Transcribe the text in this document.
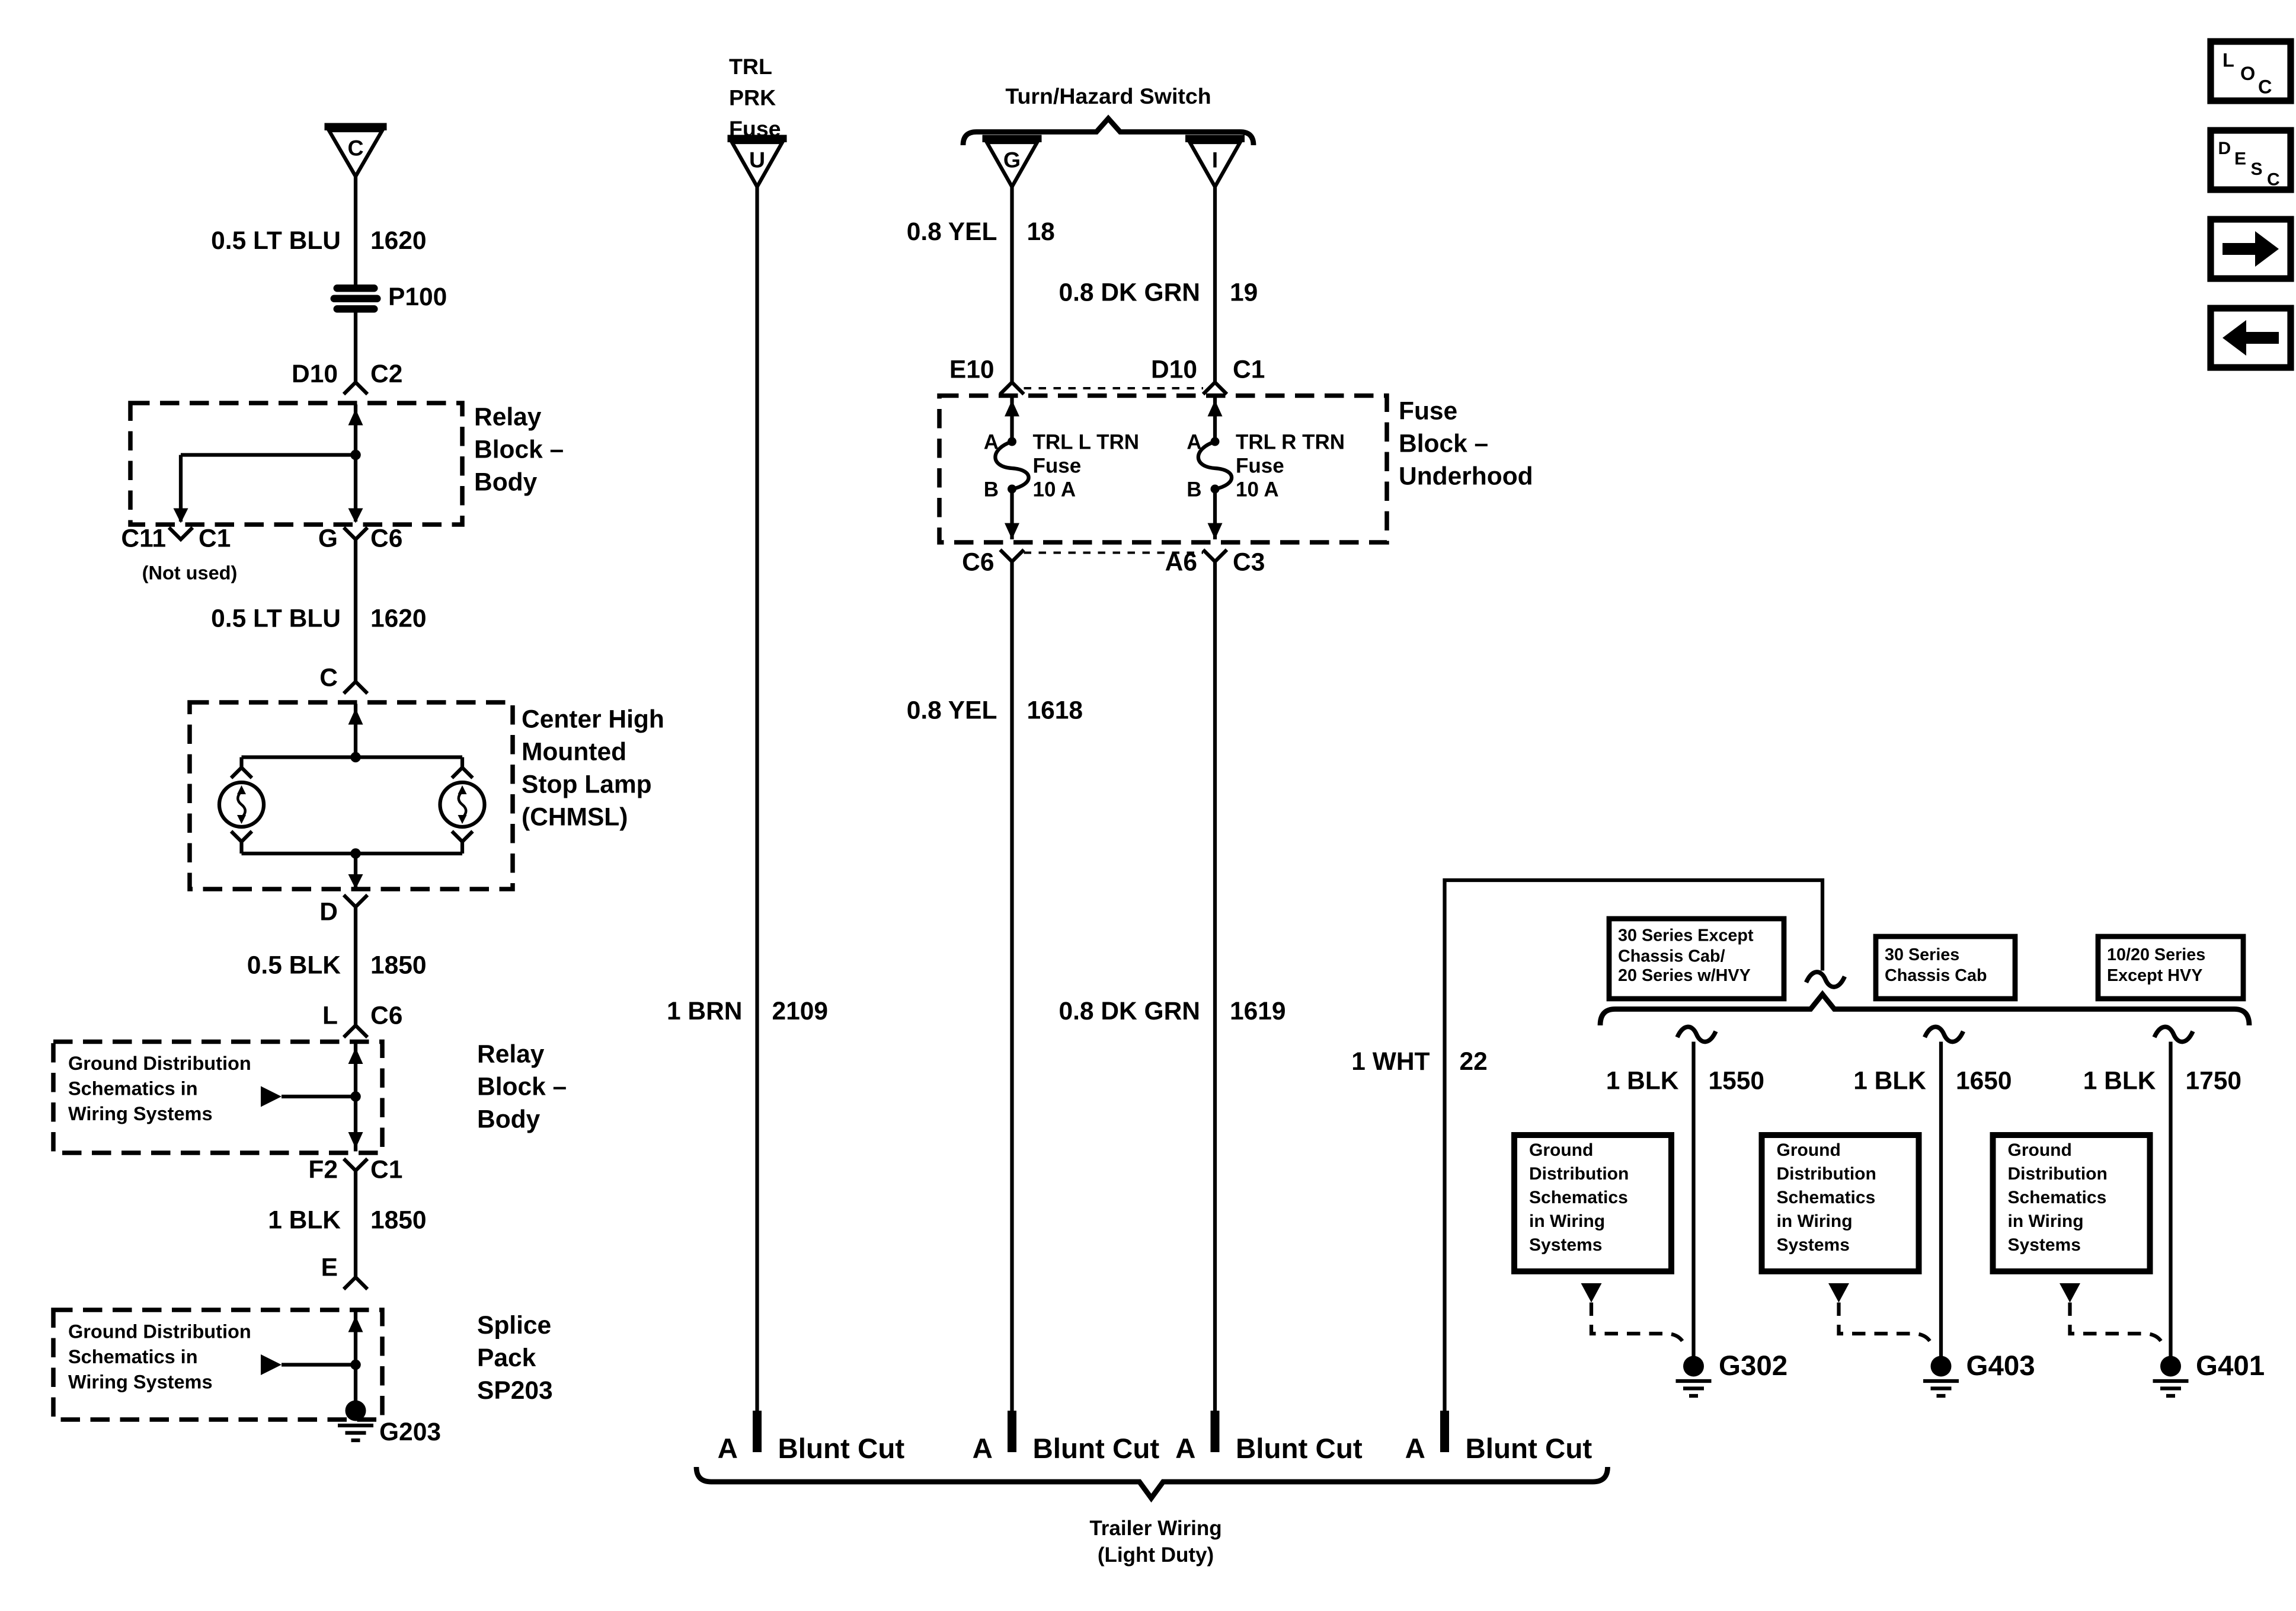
C
0.5 LT BLU	1620
P100
D10	C2
Relay
Block –
Body
C11	C1
(Not used)
G	C6
0.5 LT BLU	1620
C
Center High
Mounted
Stop Lamp
(CHMSL)
D
0.5 BLK	1850
L	C6
Ground Distribution
Schematics in
Wiring Systems
Relay
Block –
Body
F2	C1
1 BLK	1850
E
Ground Distribution
Schematics in
Wiring Systems
Splice
Pack
SP203
G203
TRL
PRK
Fuse
U
Turn/Hazard Switch
G	I
0.8 YEL	18
0.8 DK GRN	19
E10	D10	C1
Fuse
Block –
Underhood
A
B
TRL L TRN
Fuse
10 A
A
B
TRL R TRN
Fuse
10 A
C6	A6	C3
0.8 YEL	1618
1 BRN	2109	0.8 DK GRN	1619
1 WHT	22
30 Series Except
Chassis Cab/
20 Series w/HVY
30 Series
Chassis Cab
10/20 Series
Except HVY
1 BLK	1550	1 BLK	1650	1 BLK	1750
Ground
Distribution
Schematics
in Wiring
Systems
Ground
Distribution
Schematics
in Wiring
Systems
Ground
Distribution
Schematics
in Wiring
Systems
G302	G403	G401
A	Blunt Cut	A	Blunt Cut A	Blunt Cut	A	Blunt Cut
Trailer Wiring
(Light Duty)
L
O
C
D E S C
